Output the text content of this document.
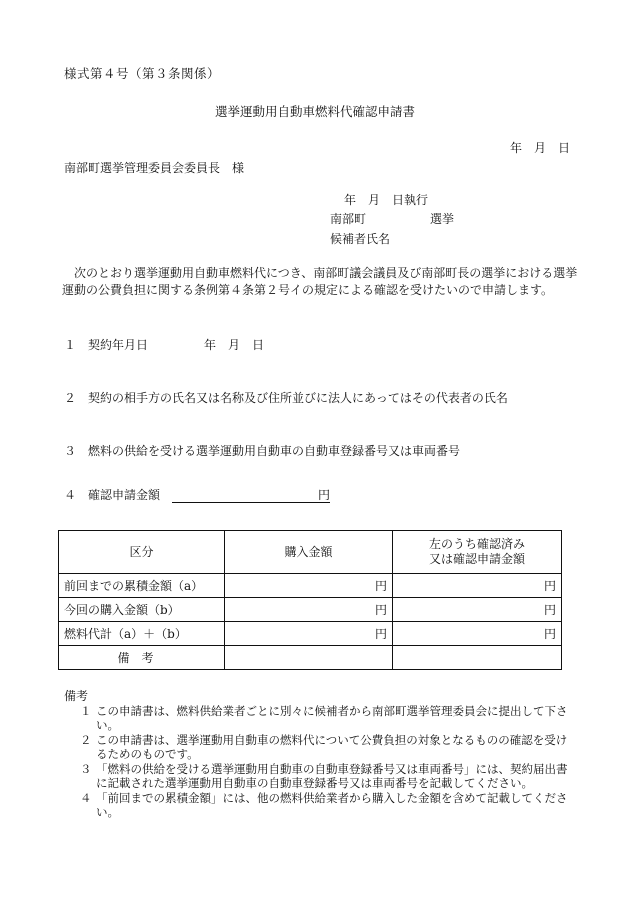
様式第４号（第３条関係）
選挙運動用自動車燃料代確認申請書
年　月　日
南部町選挙管理委員会委員長　様
年　月　日執行
南部町	選挙
候補者氏名
次のとおり選挙運動用自動車燃料代につき、南部町議会議員及び南部町長の選挙における選挙運動の公費負担に関する条例第４条第２号イの規定による確認を受けたいので申請します。
１　契約年月日	年　月　日
２　契約の相手方の氏名又は名称及び住所並びに法人にあってはその代表者の氏名
３　燃料の供給を受ける選挙運動用自動車の自動車登録番号又は車両番号
４　確認申請金額	円
区分	購入金額	左のうち確認済み
又は確認申請金額
前回までの累積金額（a）	円	円
今回の購入金額（b）	円	円
燃料代計（a）＋（b）	円	円
備考		
備考
１ この申請書は、燃料供給業者ごとに別々に候補者から南部町選挙管理委員会に提出して下さい。
２ この申請書は、選挙運動用自動車の燃料代について公費負担の対象となるものの確認を受けるためのものです。
３ 「燃料の供給を受ける選挙運動用自動車の自動車登録番号又は車両番号」には、契約届出書に記載された選挙運動用自動車の自動車登録番号又は車両番号を記載してください。
４ 「前回までの累積金額」には、他の燃料供給業者から購入した金額を含めて記載してください。
